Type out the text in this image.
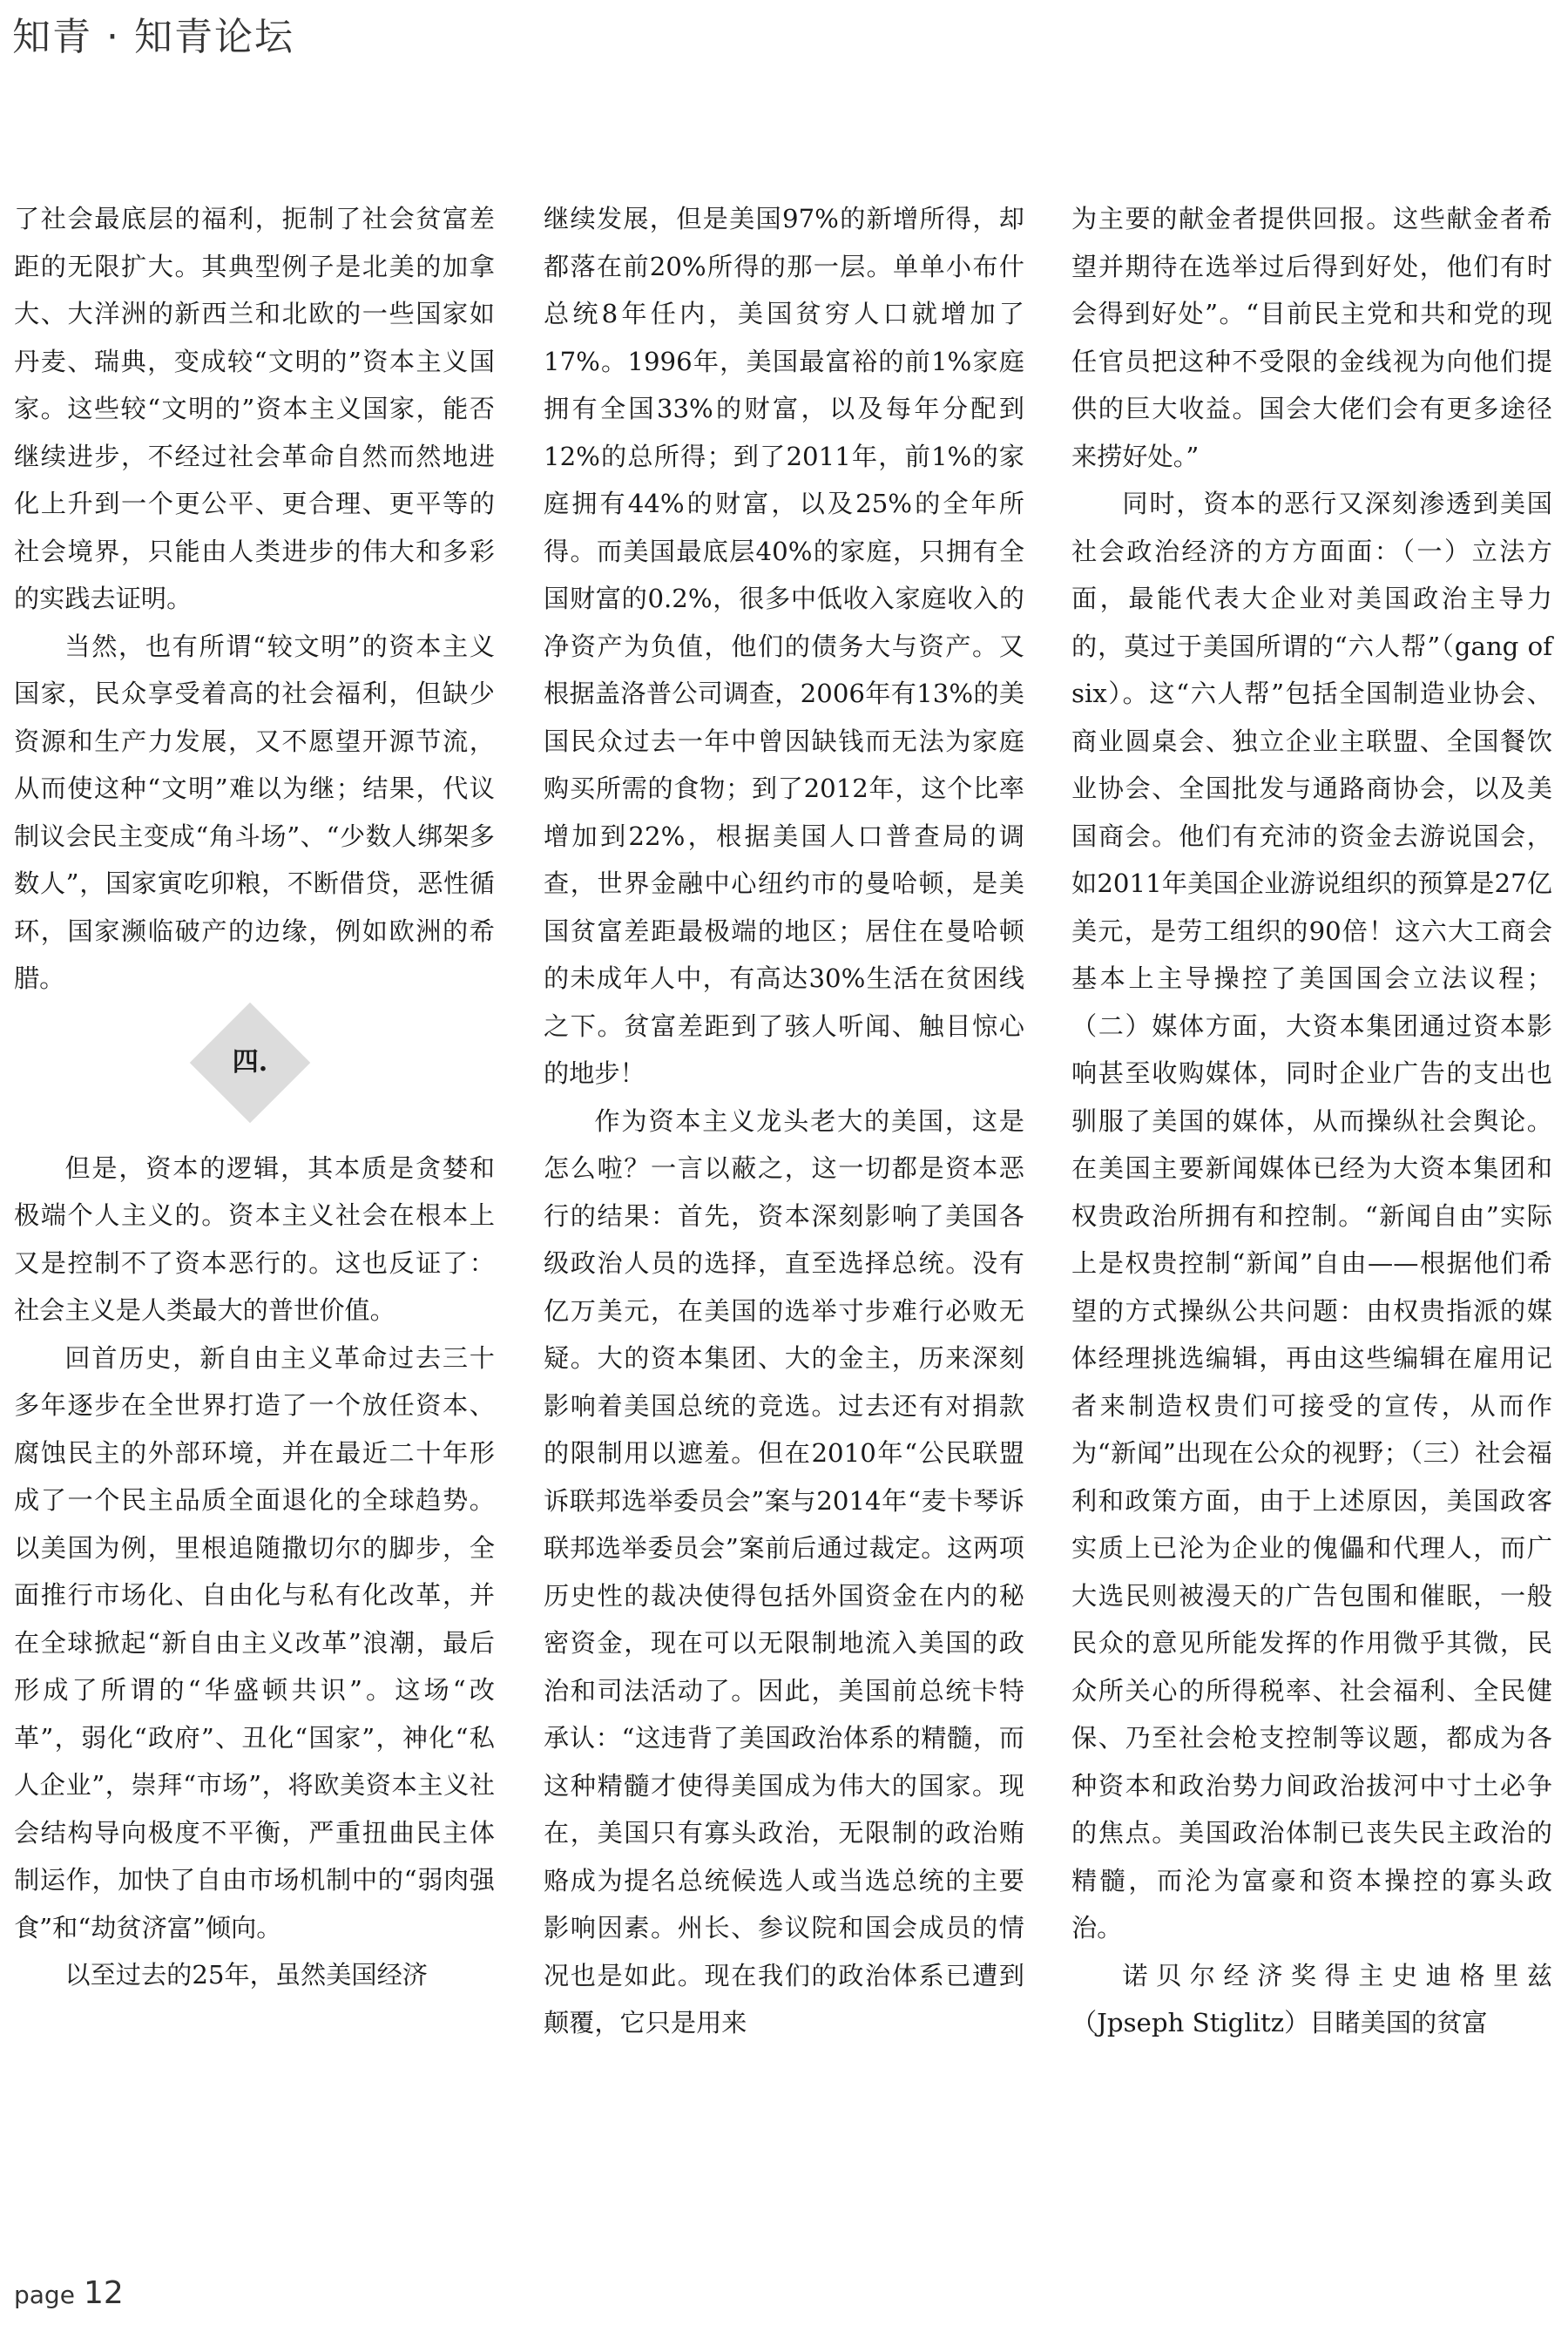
知青 · 知青论坛

了社会最底层的福利，扼制了社会贫富差距的无限扩大。其典型例子是北美的加拿大、大洋洲的新西兰和北欧的一些国家如丹麦、瑞典，变成较“文明的”资本主义国家。这些较“文明的”资本主义国家，能否继续进步，不经过社会革命自然而然地进化上升到一个更公平、更合理、更平等的社会境界，只能由人类进步的伟大和多彩的实践去证明。

当然，也有所谓“较文明”的资本主义国家，民众享受着高的社会福利，但缺少资源和生产力发展，又不愿望开源节流，从而使这种“文明”难以为继；结果，代议制议会民主变成“角斗场”、“少数人绑架多数人”，国家寅吃卯粮，不断借贷，恶性循环，国家濒临破产的边缘，例如欧洲的希腊。

四.

但是，资本的逻辑，其本质是贪婪和极端个人主义的。资本主义社会在根本上又是控制不了资本恶行的。这也反证了：社会主义是人类最大的普世价值。

回首历史，新自由主义革命过去三十多年逐步在全世界打造了一个放任资本、腐蚀民主的外部环境，并在最近二十年形成了一个民主品质全面退化的全球趋势。以美国为例，里根追随撒切尔的脚步，全面推行市场化、自由化与私有化改革，并在全球掀起“新自由主义改革”浪潮，最后形成了所谓的“华盛顿共识”。这场“改革”，弱化“政府”、丑化“国家”，神化“私人企业”，崇拜“市场”，将欧美资本主义社会结构导向极度不平衡，严重扭曲民主体制运作，加快了自由市场机制中的“弱肉强食”和“劫贫济富”倾向。

以至过去的25年，虽然美国经济

继续发展，但是美国97%的新增所得，却都落在前20%所得的那一层。单单小布什总统8年任内，美国贫穷人口就增加了17%。1996年，美国最富裕的前1%家庭拥有全国33%的财富，以及每年分配到12%的总所得；到了2011年，前1%的家庭拥有44%的财富，以及25%的全年所得。而美国最底层40%的家庭，只拥有全国财富的0.2%，很多中低收入家庭收入的净资产为负值，他们的债务大与资产。又根据盖洛普公司调查，2006年有13%的美国民众过去一年中曾因缺钱而无法为家庭购买所需的食物；到了2012年，这个比率增加到22%，根据美国人口普查局的调查，世界金融中心纽约市的曼哈顿，是美国贫富差距最极端的地区；居住在曼哈顿的未成年人中，有高达30%生活在贫困线之下。贫富差距到了骇人听闻、触目惊心的地步！

作为资本主义龙头老大的美国，这是怎么啦？一言以蔽之，这一切都是资本恶行的结果：首先，资本深刻影响了美国各级政治人员的选择，直至选择总统。没有亿万美元，在美国的选举寸步难行必败无疑。大的资本集团、大的金主，历来深刻影响着美国总统的竞选。过去还有对捐款的限制用以遮羞。但在2010年“公民联盟诉联邦选举委员会”案与2014年“麦卡琴诉联邦选举委员会”案前后通过裁定。这两项历史性的裁决使得包括外国资金在内的秘密资金，现在可以无限制地流入美国的政治和司法活动了。因此，美国前总统卡特承认：“这违背了美国政治体系的精髓，而这种精髓才使得美国成为伟大的国家。现在，美国只有寡头政治，无限制的政治贿赂成为提名总统候选人或当选总统的主要影响因素。州长、参议院和国会成员的情况也是如此。现在我们的政治体系已遭到颠覆，它只是用来

为主要的献金者提供回报。这些献金者希望并期待在选举过后得到好处，他们有时会得到好处”。“目前民主党和共和党的现任官员把这种不受限的金线视为向他们提供的巨大收益。国会大佬们会有更多途径来捞好处。”

同时，资本的恶行又深刻渗透到美国社会政治经济的方方面面：（一）立法方面，最能代表大企业对美国政治主导力的，莫过于美国所谓的“六人帮”（gang of six）。这“六人帮”包括全国制造业协会、商业圆桌会、独立企业主联盟、全国餐饮业协会、全国批发与通路商协会，以及美国商会。他们有充沛的资金去游说国会，如2011年美国企业游说组织的预算是27亿美元，是劳工组织的90倍！这六大工商会基本上主导操控了美国国会立法议程；（二）媒体方面，大资本集团通过资本影响甚至收购媒体，同时企业广告的支出也驯服了美国的媒体，从而操纵社会舆论。在美国主要新闻媒体已经为大资本集团和权贵政治所拥有和控制。“新闻自由”实际上是权贵控制“新闻”自由——根据他们希望的方式操纵公共问题：由权贵指派的媒体经理挑选编辑，再由这些编辑在雇用记者来制造权贵们可接受的宣传，从而作为“新闻”出现在公众的视野；（三）社会福利和政策方面，由于上述原因，美国政客实质上已沦为企业的傀儡和代理人，而广大选民则被漫天的广告包围和催眠，一般民众的意见所能发挥的作用微乎其微，民众所关心的所得税率、社会福利、全民健保、乃至社会枪支控制等议题，都成为各种资本和政治势力间政治拔河中寸土必争的焦点。美国政治体制已丧失民主政治的精髓，而沦为富豪和资本操控的寡头政治。

诺贝尔经济奖得主史迪格里兹（Jpseph Stiglitz）目睹美国的贫富

page 12
